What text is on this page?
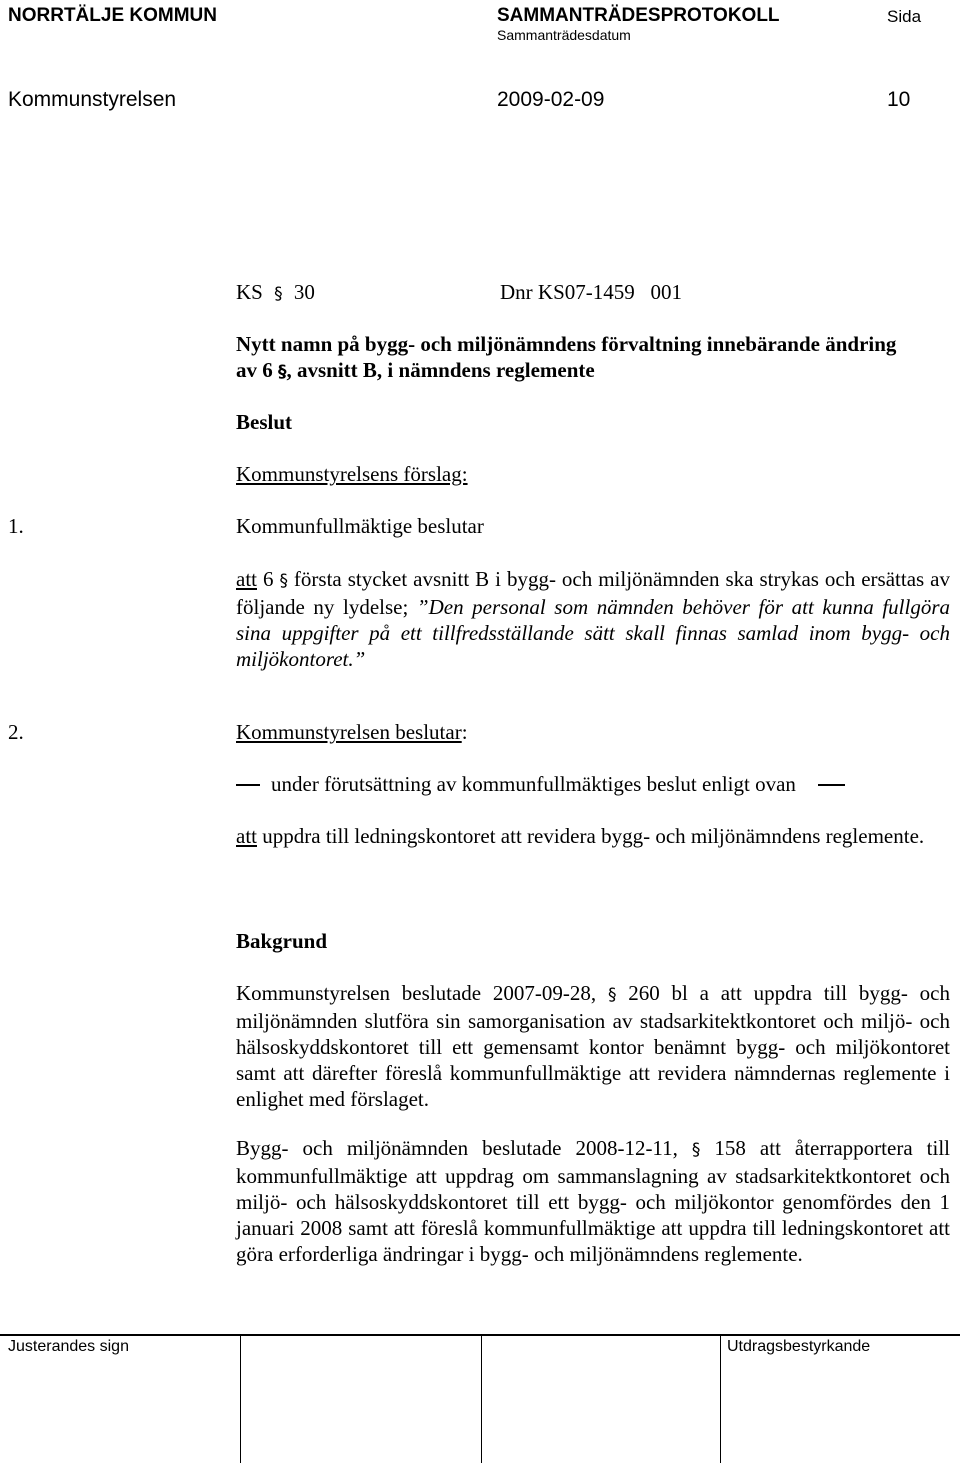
NORRTÄLJE KOMMUN	SAMMANTRÄDESPROTOKOLL
Sammanträdesdatum
Sida
Kommunstyrelsen	2009-02-09	10
KS § 30	Dnr KS07-1459   001
Nytt namn på bygg- och miljönämndens förvaltning innebärande ändring
av 6 §, avsnitt B, i nämndens reglemente
Beslut
Kommunstyrelsens förslag:
1.	Kommunfullmäktige beslutar
att 6 § första stycket avsnitt B i bygg- och miljönämnden ska strykas och ersättas av följande ny lydelse; ”Den personal som nämnden behöver för att kunna fullgöra sina uppgifter på ett tillfredsställande sätt skall finnas samlad inom bygg- och miljökontoret.”
2.	Kommunstyrelsen beslutar:
under förutsättning av kommunfullmäktiges beslut enligt ovan
att uppdra till ledningskontoret att revidera bygg- och miljönämndens reglemente.
Bakgrund
Kommunstyrelsen beslutade 2007-09-28, § 260 bl a att uppdra till bygg- och miljönämnden slutföra sin samorganisation av stadsarkitektkontoret och miljö- och hälsoskyddskontoret till ett gemensamt kontor benämnt bygg- och miljökontoret samt att därefter föreslå kommunfullmäktige att revidera nämndernas reglemente i enlighet med förslaget.
Bygg- och miljönämnden beslutade 2008-12-11, § 158 att återrapportera till kommunfullmäktige att uppdrag om sammanslagning av stadsarkitektkontoret och miljö- och hälsoskyddskontoret till ett bygg- och miljökontor genomfördes den 1 januari 2008 samt att föreslå kommunfullmäktige att uppdra till ledningskontoret att göra erforderliga ändringar i bygg- och miljönämndens reglemente.
Justerandes sign	Utdragsbestyrkande
